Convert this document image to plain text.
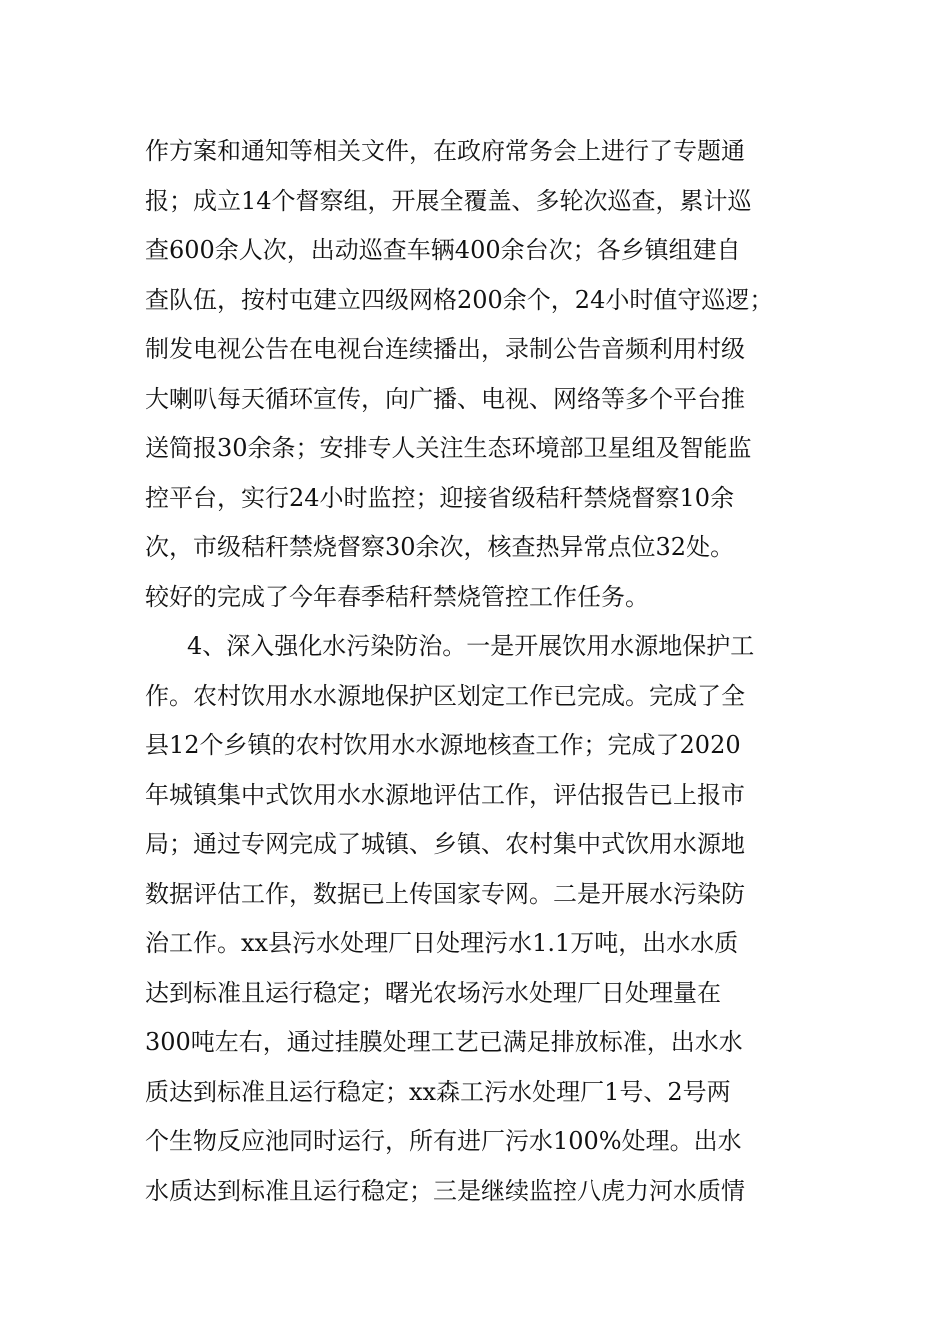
作方案和通知等相关文件，在政府常务会上进行了专题通
报；成立14个督察组，开展全覆盖、多轮次巡查，累计巡
查600余人次，出动巡查车辆400余台次；各乡镇组建自
查队伍，按村屯建立四级网格200余个，24小时值守巡逻；
制发电视公告在电视台连续播出，录制公告音频利用村级
大喇叭每天循环宣传，向广播、电视、网络等多个平台推
送简报30余条；安排专人关注生态环境部卫星组及智能监
控平台，实行24小时监控；迎接省级秸秆禁烧督察10余
次，市级秸秆禁烧督察30余次，核查热异常点位32处。
较好的完成了今年春季秸秆禁烧管控工作任务。
4、深入强化水污染防治。一是开展饮用水源地保护工
作。农村饮用水水源地保护区划定工作已完成。完成了全
县12个乡镇的农村饮用水水源地核查工作；完成了2020
年城镇集中式饮用水水源地评估工作，评估报告已上报市
局；通过专网完成了城镇、乡镇、农村集中式饮用水源地
数据评估工作，数据已上传国家专网。二是开展水污染防
治工作。xx县污水处理厂日处理污水1.1万吨，出水水质
达到标准且运行稳定；曙光农场污水处理厂日处理量在
300吨左右，通过挂膜处理工艺已满足排放标准，出水水
质达到标准且运行稳定；xx森工污水处理厂1号、2号两
个生物反应池同时运行，所有进厂污水100%处理。出水
水质达到标准且运行稳定；三是继续监控八虎力河水质情
